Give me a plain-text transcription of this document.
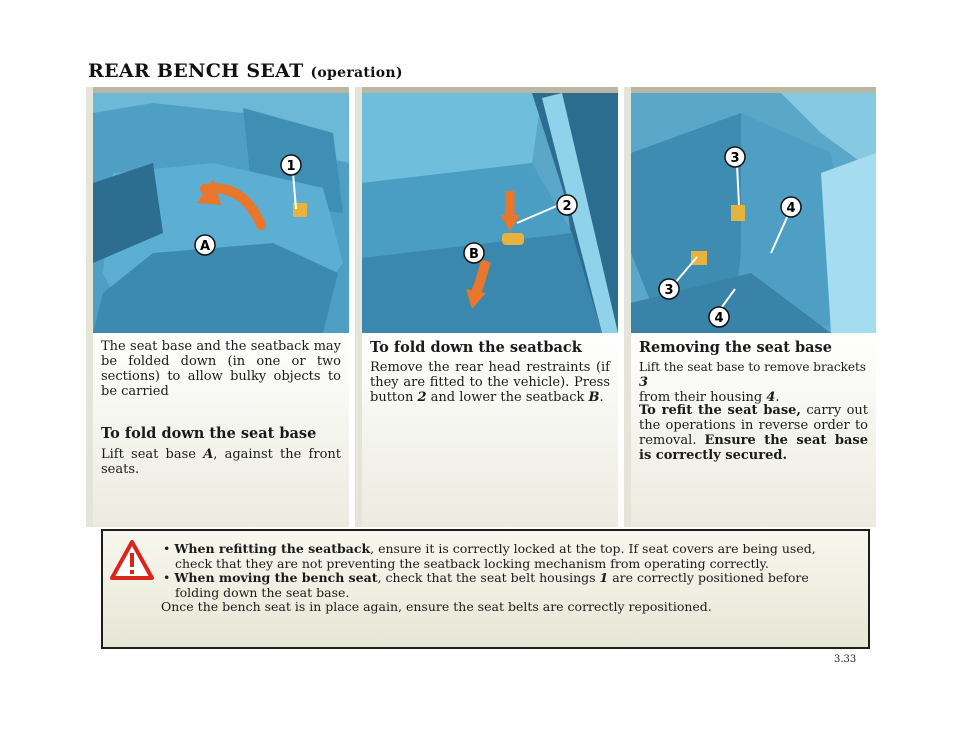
REAR BENCH SEAT (operation)
1
A
The seat base and the seatback may be folded down (in one or two sections) to allow bulky objects to be carried
To fold down the seat base
Lift seat base A, against the front seats.
2
B
To fold down the seatback
Remove the rear head restraints (if they are fitted to the vehicle). Press button 2 and lower the seatback B.
3
4
3
4
Removing the seat base
Lift the seat base to remove brackets 3
from their housing 4.
To refit the seat base, carry out the operations in reverse order to removal. Ensure the seat base is correctly secured.
• When refitting the seatback, ensure it is correctly locked at the top. If seat covers are being used, check that they are not preventing the seatback locking mechanism from operating correctly.
• When moving the bench seat, check that the seat belt housings 1 are correctly positioned before folding down the seat base.
Once the bench seat is in place again, ensure the seat belts are correctly repositioned.
3.33
